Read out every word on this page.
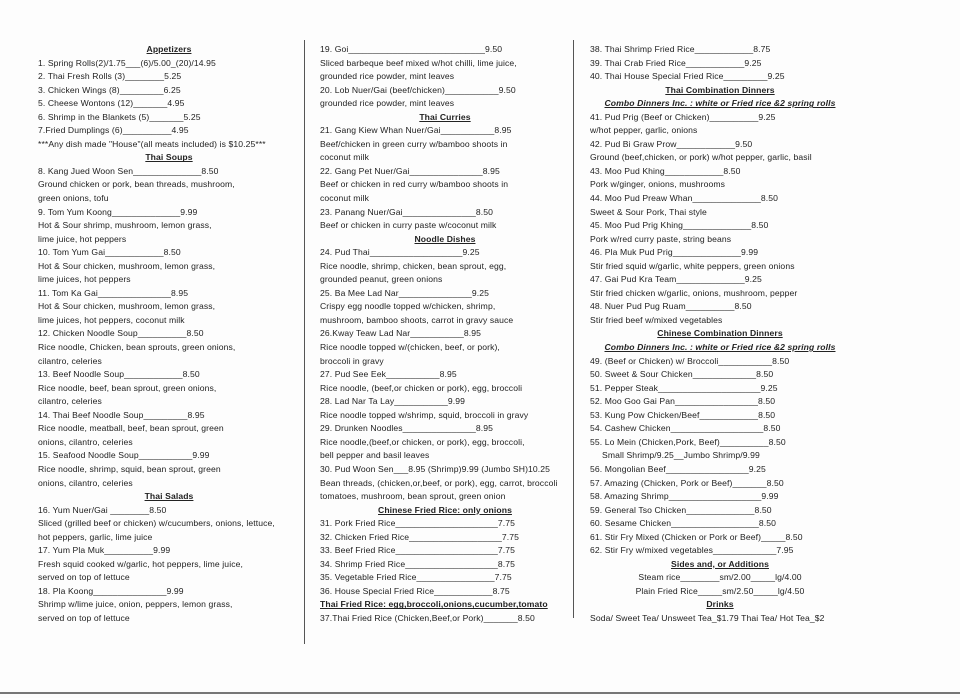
Appetizers
1. Spring Rolls(2)/1.75___(6)/5.00_(20)/14.95
2. Thai Fresh Rolls (3)________5.25
3. Chicken Wings (8)_________6.25
5. Cheese Wontons (12)_______4.95
6. Shrimp in the Blankets (5)_______5.25
7.Fried Dumplings (6)__________4.95
***Any dish made "House"(all meats included) is $10.25***
Thai Soups
8. Kang Jued Woon Sen______________8.50
Ground chicken or pork, bean threads, mushroom,
green onions, tofu
9. Tom Yum Koong______________9.99
Hot & Sour shrimp, mushroom, lemon grass,
lime juice, hot peppers
10. Tom Yum Gai____________8.50
Hot & Sour chicken, mushroom, lemon grass,
lime juices, hot peppers
11. Tom Ka Gai_______________8.95
Hot & Sour chicken, mushroom, lemon grass,
lime juices, hot peppers, coconut milk
12. Chicken Noodle Soup__________8.50
Rice noodle, Chicken, bean sprouts, green onions,
cilantro, celeries
13. Beef Noodle Soup____________8.50
Rice noodle, beef, bean sprout, green onions,
cilantro, celeries
14. Thai Beef Noodle Soup_________8.95
Rice noodle, meatball, beef, bean sprout, green
onions, cilantro, celeries
15. Seafood Noodle Soup___________9.99
Rice noodle, shrimp, squid, bean sprout, green
onions, cilantro, celeries
Thai Salads
16. Yum Nuer/Gai ________8.50
Sliced (grilled beef or chicken) w/cucumbers, onions, lettuce,
hot peppers, garlic, lime juice
17. Yum Pla Muk__________9.99
Fresh squid cooked w/garlic, hot peppers, lime juice,
served on top of lettuce
18. Pla Koong_______________9.99
Shrimp w/lime juice, onion, peppers, lemon grass,
served on top of lettuce
19. Goi____________________________9.50
Sliced barbeque beef mixed w/hot chilli, lime juice,
grounded rice powder, mint leaves
20. Lob Nuer/Gai (beef/chicken)___________9.50
grounded rice powder, mint leaves
Thai Curries
21. Gang Kiew Whan Nuer/Gai___________8.95
Beef/chicken in green curry w/bamboo shoots in
coconut milk
22. Gang Pet Nuer/Gai_______________8.95
Beef or chicken in red curry w/bamboo shoots in
coconut milk
23. Panang Nuer/Gai_______________8.50
Beef or chicken in curry paste w/coconut milk
Noodle Dishes
24. Pud Thai___________________9.25
Rice noodle, shrimp, chicken, bean sprout, egg,
grounded peanut, green onions
25. Ba Mee Lad Nar_______________9.25
Crispy egg noodle topped w/chicken, shrimp,
mushroom, bamboo shoots, carrot in gravy sauce
26.Kway Teaw Lad Nar___________8.95
Rice noodle topped w/(chicken, beef, or pork),
broccoli in gravy
27. Pud See Eek___________8.95
Rice noodle, (beef,or chicken or pork), egg, broccoli
28. Lad Nar Ta Lay___________9.99
Rice noodle topped w/shrimp, squid, broccoli in gravy
29. Drunken Noodles_______________8.95
Rice noodle,(beef,or chicken, or pork), egg, broccoli,
bell pepper and basil leaves
30. Pud Woon Sen___8.95 (Shrimp)9.99 (Jumbo SH)10.25
Bean threads, (chicken,or,beef, or pork), egg, carrot, broccoli
tomatoes, mushroom, bean sprout, green onion
Chinese Fried Rice: only onions
31. Pork Fried Rice_____________________7.75
32. Chicken Fried Rice___________________7.75
33. Beef Fried Rice_____________________7.75
34. Shrimp Fried Rice___________________8.75
35. Vegetable Fried Rice________________7.75
36. House Special Fried Rice____________8.75
Thai Fried Rice: egg,broccoli,onions,cucumber,tomato
37.Thai Fried Rice (Chicken,Beef,or Pork)_______8.50
38. Thai Shrimp Fried Rice____________8.75
39. Thai Crab Fried Rice____________9.25
40. Thai House Special Fried Rice_________9.25
Thai Combination Dinners
Combo Dinners Inc. : white or Fried rice &2 spring rolls
41. Pud Prig (Beef or Chicken)__________9.25
w/hot pepper, garlic, onions
42. Pud Bi Graw Prow____________9.50
Ground (beef,chicken, or pork) w/hot pepper, garlic, basil
43. Moo Pud Khing____________8.50
Pork w/ginger, onions, mushrooms
44. Moo Pud Preaw Whan______________8.50
Sweet & Sour Pork, Thai style
45. Moo Pud Prig Khing______________8.50
Pork w/red curry paste, string beans
46. Pla Muk Pud Prig______________9.99
Stir fried squid w/garlic, white peppers, green onions
47. Gai Pud Kra Team______________9.25
Stir fried chicken w/garlic, onions, mushroom, pepper
48. Nuer Pud Pug Ruam__________8.50
Stir fried beef w/mixed vegetables
Chinese Combination Dinners
Combo Dinners Inc. : white or Fried rice &2 spring rolls
49. (Beef or Chicken) w/ Broccoli___________8.50
50. Sweet & Sour Chicken_____________8.50
51. Pepper Steak_____________________9.25
52. Moo Goo Gai Pan_________________8.50
53. Kung Pow Chicken/Beef____________8.50
54. Cashew Chicken___________________8.50
55. Lo Mein (Chicken,Pork, Beef)__________8.50
Small Shrimp/9.25__Jumbo Shrimp/9.99
56. Mongolian Beef_________________9.25
57. Amazing (Chicken, Pork or Beef)_______8.50
58. Amazing Shrimp___________________9.99
59. General Tso Chicken______________8.50
60. Sesame Chicken__________________8.50
61. Stir Fry Mixed (Chicken or Pork or Beef)_____8.50
62. Stir Fry w/mixed vegetables_____________7.95
Sides and, or Additions
Steam rice________sm/2.00_____lg/4.00
Plain Fried Rice_____sm/2.50_____lg/4.50
Drinks
Soda/ Sweet Tea/ Unsweet Tea_$1.79 Thai Tea/ Hot Tea_$2
